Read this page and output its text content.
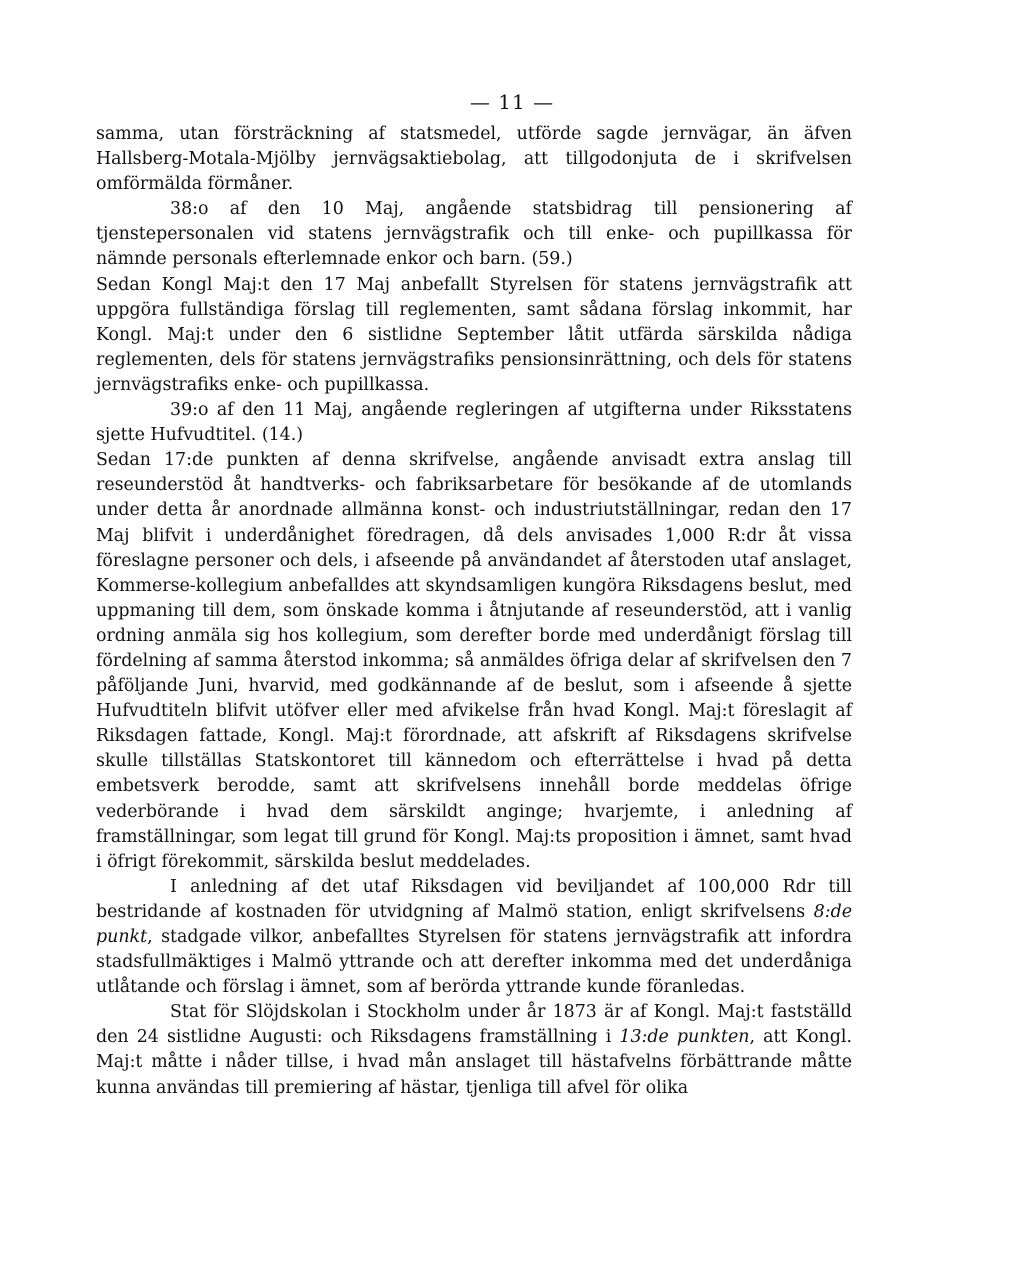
— 11 —

samma, utan försträckning af statsmedel, utförde sagde jernvägar, än äfven Hallsberg-Motala-Mjölby jernvägsaktiebolag, att tillgodonjuta de i skrifvelsen omförmälda förmåner.

38:o af den 10 Maj, angående statsbidrag till pensionering af tjenstepersonalen vid statens jernvägstrafik och till enke- och pupillkassa för nämnde personals efterlemnade enkor och barn. (59.)

Sedan Kongl Maj:t den 17 Maj anbefallt Styrelsen för statens jernvägstrafik att uppgöra fullständiga förslag till reglementen, samt sådana förslag inkommit, har Kongl. Maj:t under den 6 sistlidne September låtit utfärda särskilda nådiga reglementen, dels för statens jernvägstrafiks pensionsinrättning, och dels för statens jernvägstrafiks enke- och pupillkassa.

39:o af den 11 Maj, angående regleringen af utgifterna under Riksstatens sjette Hufvudtitel. (14.)

Sedan 17:de punkten af denna skrifvelse, angående anvisadt extra anslag till reseunderstöd åt handtverks- och fabriksarbetare för besökande af de utomlands under detta år anordnade allmänna konst- och industriutställningar, redan den 17 Maj blifvit i underdånighet föredragen, då dels anvisades 1,000 R:dr åt vissa föreslagne personer och dels, i afseende på användandet af återstoden utaf anslaget, Kommerse-kollegium anbefalldes att skyndsamligen kungöra Riksdagens beslut, med uppmaning till dem, som önskade komma i åtnjutande af reseunderstöd, att i vanlig ordning anmäla sig hos kollegium, som derefter borde med underdånigt förslag till fördelning af samma återstod inkomma; så anmäldes öfriga delar af skrifvelsen den 7 påföljande Juni, hvarvid, med godkännande af de beslut, som i afseende å sjette Hufvudtiteln blifvit utöfver eller med afvikelse från hvad Kongl. Maj:t föreslagit af Riksdagen fattade, Kongl. Maj:t förordnade, att afskrift af Riksdagens skrifvelse skulle tillställas Statskontoret till kännedom och efterrättelse i hvad på detta embetsverk berodde, samt att skrifvelsens innehåll borde meddelas öfrige vederbörande i hvad dem särskildt anginge; hvarjemte, i anledning af framställningar, som legat till grund för Kongl. Maj:ts proposition i ämnet, samt hvad i öfrigt förekommit, särskilda beslut meddelades.

I anledning af det utaf Riksdagen vid beviljandet af 100,000 Rdr till bestridande af kostnaden för utvidgning af Malmö station, enligt skrifvelsens 8:de punkt, stadgade vilkor, anbefalltes Styrelsen för statens jernvägstrafik att infordra stadsfullmäktiges i Malmö yttrande och att derefter inkomma med det underdåniga utlåtande och förslag i ämnet, som af berörda yttrande kunde föranledas.

Stat för Slöjdskolan i Stockholm under år 1873 är af Kongl. Maj:t fastställd den 24 sistlidne Augusti: och Riksdagens framställning i 13:de punkten, att Kongl. Maj:t måtte i nåder tillse, i hvad mån anslaget till hästafvelns förbättrande måtte kunna användas till premiering af hästar, tjenliga till afvel för olika
